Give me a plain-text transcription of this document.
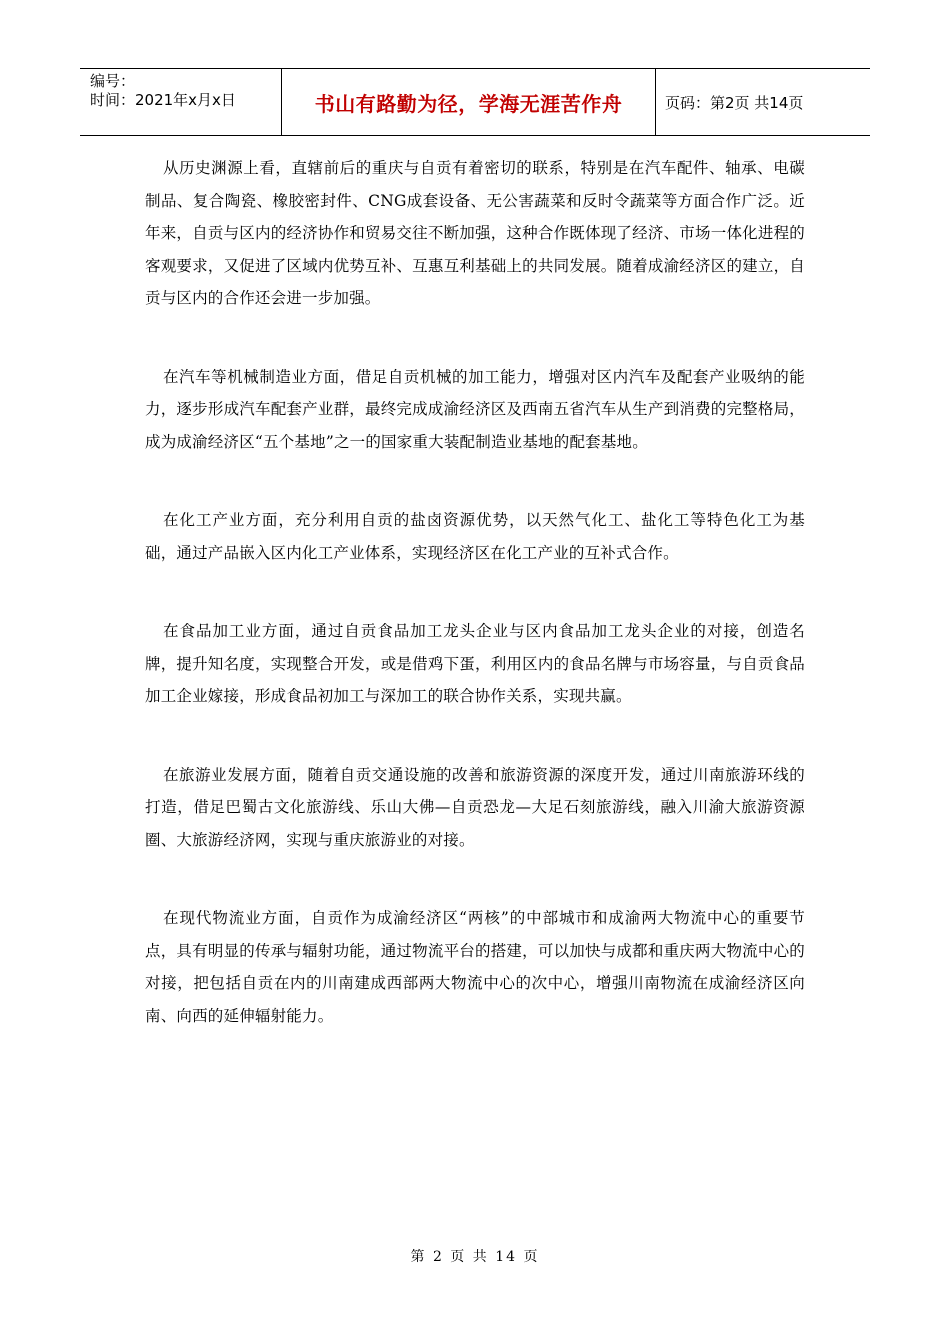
编号：
时间：2021年x月x日	书山有路勤为径，学海无涯苦作舟	页码：第2页 共14页

从历史渊源上看，直辖前后的重庆与自贡有着密切的联系，特别是在汽车配件、轴承、电碳制品、复合陶瓷、橡胶密封件、CNG成套设备、无公害蔬菜和反时令蔬菜等方面合作广泛。近年来，自贡与区内的经济协作和贸易交往不断加强，这种合作既体现了经济、市场一体化进程的客观要求，又促进了区域内优势互补、互惠互利基础上的共同发展。随着成渝经济区的建立，自贡与区内的合作还会进一步加强。

在汽车等机械制造业方面，借足自贡机械的加工能力，增强对区内汽车及配套产业吸纳的能力，逐步形成汽车配套产业群，最终完成成渝经济区及西南五省汽车从生产到消费的完整格局，成为成渝经济区“五个基地”之一的国家重大装配制造业基地的配套基地。

在化工产业方面，充分利用自贡的盐卤资源优势，以天然气化工、盐化工等特色化工为基础，通过产品嵌入区内化工产业体系，实现经济区在化工产业的互补式合作。

在食品加工业方面，通过自贡食品加工龙头企业与区内食品加工龙头企业的对接，创造名牌，提升知名度，实现整合开发，或是借鸡下蛋，利用区内的食品名牌与市场容量，与自贡食品加工企业嫁接，形成食品初加工与深加工的联合协作关系，实现共赢。

在旅游业发展方面，随着自贡交通设施的改善和旅游资源的深度开发，通过川南旅游环线的打造，借足巴蜀古文化旅游线、乐山大佛—自贡恐龙—大足石刻旅游线，融入川渝大旅游资源圈、大旅游经济网，实现与重庆旅游业的对接。

在现代物流业方面，自贡作为成渝经济区“两核”的中部城市和成渝两大物流中心的重要节点，具有明显的传承与辐射功能，通过物流平台的搭建，可以加快与成都和重庆两大物流中心的对接，把包括自贡在内的川南建成西部两大物流中心的次中心，增强川南物流在成渝经济区向南、向西的延伸辐射能力。

第 2 页 共 14 页
